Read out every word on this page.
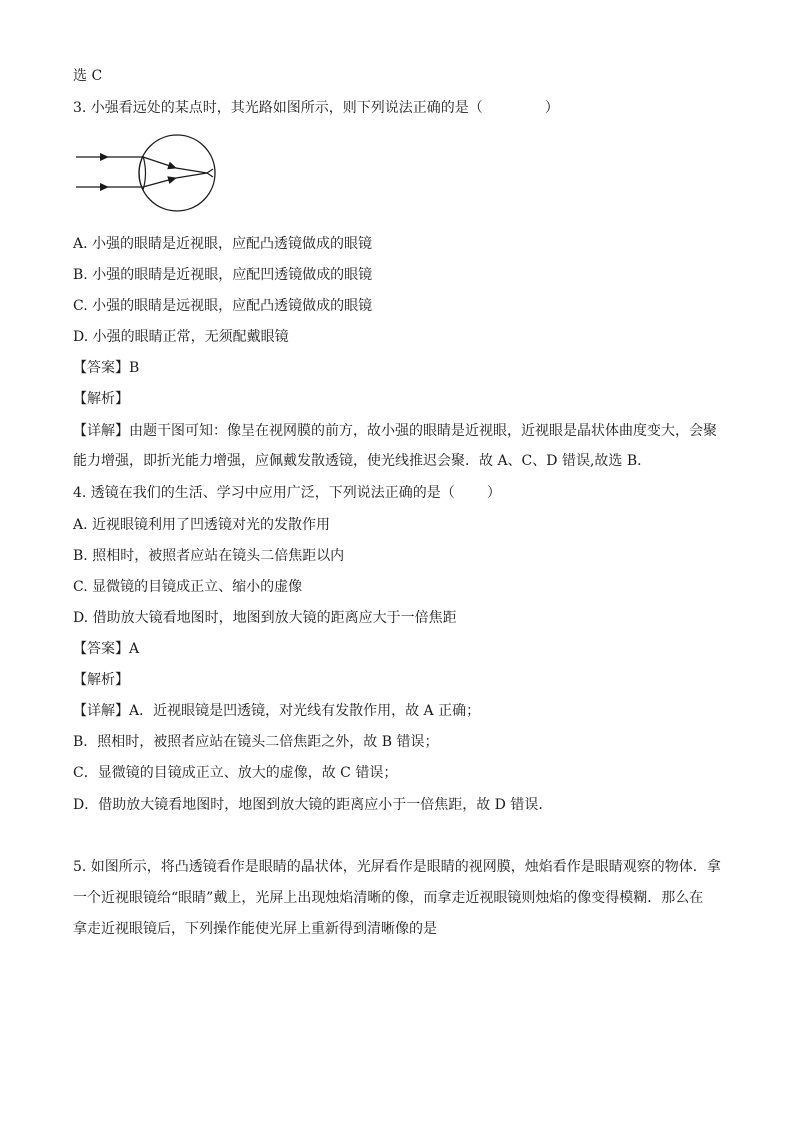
选 C
3. 小强看远处的某点时，其光路如图所示，则下列说法正确的是（	）
A. 小强的眼睛是近视眼，应配凸透镜做成的眼镜
B. 小强的眼睛是近视眼，应配凹透镜做成的眼镜
C. 小强的眼睛是远视眼，应配凸透镜做成的眼镜
D. 小强的眼睛正常，无须配戴眼镜
【答案】B
【解析】
【详解】由题干图可知：像呈在视网膜的前方，故小强的眼睛是近视眼，近视眼是晶状体曲度变大，会聚
能力增强，即折光能力增强，应佩戴发散透镜，使光线推迟会聚．故 A、C、D 错误,故选 B．
4. 透镜在我们的生活、学习中应用广泛，下列说法正确的是（ ）
A. 近视眼镜利用了凹透镜对光的发散作用
B. 照相时，被照者应站在镜头二倍焦距以内
C. 显微镜的目镜成正立、缩小的虚像
D. 借助放大镜看地图时，地图到放大镜的距离应大于一倍焦距
【答案】A
【解析】
【详解】A．近视眼镜是凹透镜，对光线有发散作用，故 A 正确；
B．照相时，被照者应站在镜头二倍焦距之外，故 B 错误；
C．显微镜的目镜成正立、放大的虚像，故 C 错误；
D．借助放大镜看地图时，地图到放大镜的距离应小于一倍焦距，故 D 错误．
5. 如图所示，将凸透镜看作是眼睛的晶状体，光屏看作是眼睛的视网膜，烛焰看作是眼睛观察的物体．拿
一个近视眼镜给“眼睛”戴上，光屏上出现烛焰清晰的像，而拿走近视眼镜则烛焰的像变得模糊．那么在
拿走近视眼镜后，下列操作能使光屏上重新得到清晰像的是
